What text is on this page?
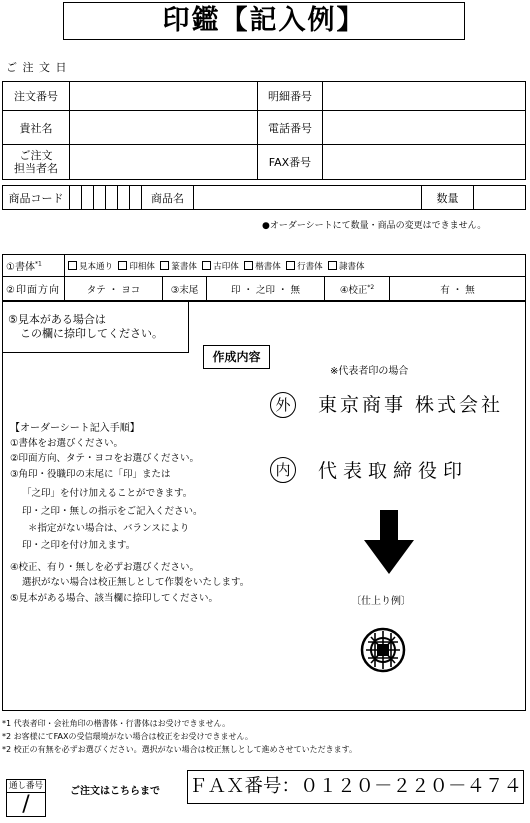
印鑑【記入例】
ご 注 文 日
注文番号		明細番号	
貴社名		電話番号	
ご注文
担当者名		FAX番号	
商品コード							商品名		数量	
●オーダーシートにて数量・商品の変更はできません。
①書体$^{*1}$	見本通り 印相体 篆書体 古印体 楷書体 行書体 隷書体				
②印面方向	タテ ・ ヨコ	③末尾	印 ・ 之印 ・ 無	④校正$^{*2}$	有 ・ 無
⑤見本がある場合は
この欄に捺印してください。
作成内容
※代表者印の場合
外 東京商事 株式会社
内 代表取締役印
〔仕上り例〕
【オーダーシート記入手順】
①書体をお選びください。
②印面方向、タテ・ヨコをお選びください。
③角印・役職印の末尾に「印」または
「之印」を付け加えることができます。
印・之印・無しの指示をご記入ください。
＊指定がない場合は、バランスにより
印・之印を付け加えます。
④校正、有り・無しを必ずお選びください。
選択がない場合は校正無しとして作製をいたします。
⑤見本がある場合、該当欄に捺印してください。
*1 代表者印・会社角印の楷書体・行書体はお受けできません。
*2 お客様にてFAXの受信環境がない場合は校正をお受けできません。
*2 校正の有無を必ずお選びください。選択がない場合は校正無しとして進めさせていただきます。
通し番号
/
ご注文はこちらまで ＦＡＸ番号：０１２０－２２０－４７４
